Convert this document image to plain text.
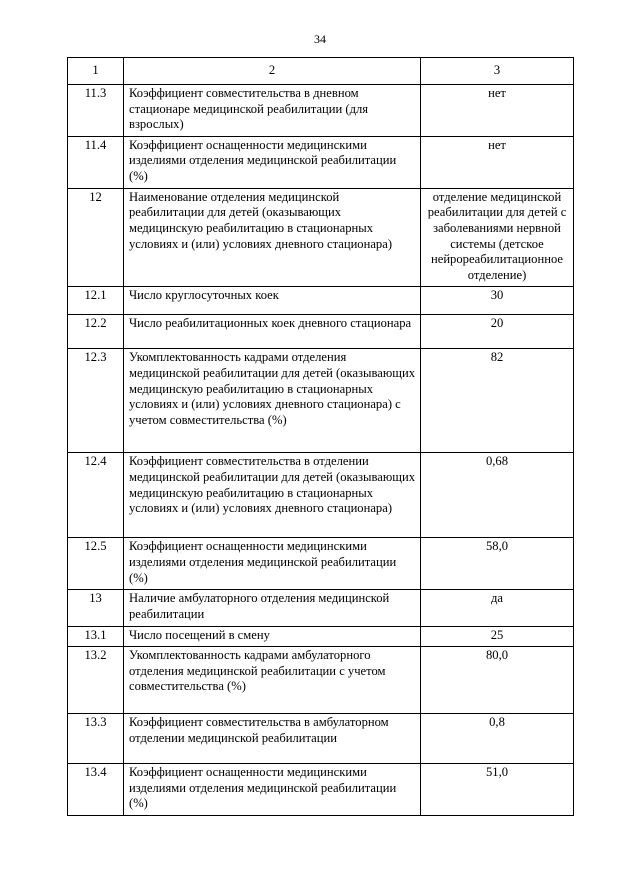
34
1	2	3
11.3	Коэффициент совместительства в дневном стационаре медицинской реабилитации (для взрослых)	нет
11.4	Коэффициент оснащенности медицинскими изделиями отделения медицинской реабилитации (%)	нет
12	Наименование отделения медицинской реабилитации для детей (оказывающих медицинскую реабилитацию в стационарных условиях и (или) условиях дневного стационара)	отделение медицинской реабилитации для детей с заболеваниями нервной системы (детское нейрореабилитационное отделение)
12.1	Число круглосуточных коек	30
12.2	Число реабилитационных коек дневного стационара	20
12.3	Укомплектованность кадрами отделения медицинской реабилитации для детей (оказывающих медицинскую реабилитацию в стационарных условиях и (или) условиях дневного стационара) с учетом совместительства (%)	82
12.4	Коэффициент совместительства в отделении медицинской реабилитации для детей (оказывающих медицинскую реабилитацию в стационарных условиях и (или) условиях дневного стационара)	0,68
12.5	Коэффициент оснащенности медицинскими изделиями отделения медицинской реабилитации (%)	58,0
13	Наличие амбулаторного отделения медицинской реабилитации	да
13.1	Число посещений в смену	25
13.2	Укомплектованность кадрами амбулаторного отделения медицинской реабилитации с учетом совместительства (%)	80,0
13.3	Коэффициент совместительства в амбулаторном отделении медицинской реабилитации	0,8
13.4	Коэффициент оснащенности медицинскими изделиями отделения медицинской реабилитации (%)	51,0
